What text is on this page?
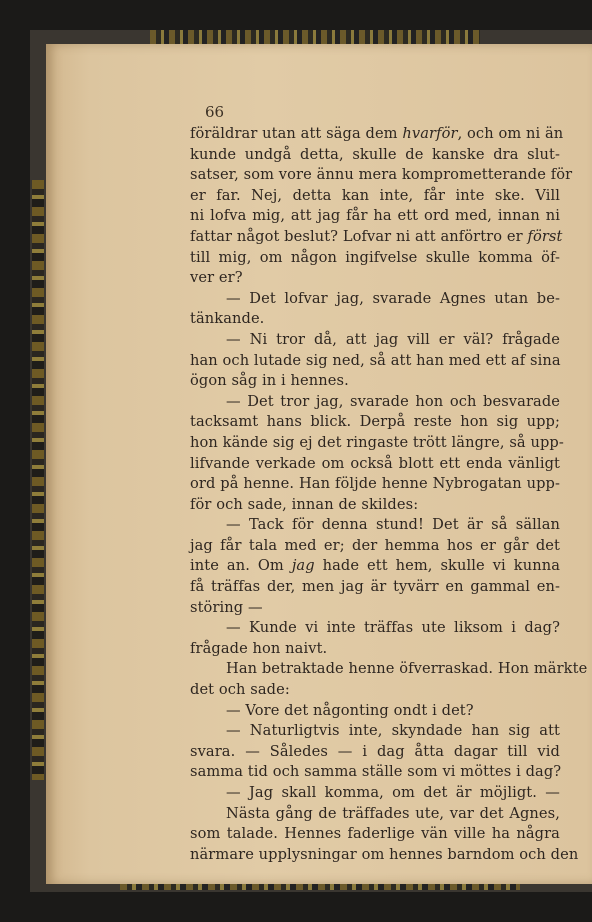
66
föräldrar utan att säga dem hvarför, och om ni än
kunde undgå detta, skulle de kanske dra slut-
satser, som vore ännu mera komprometterande för
er far. Nej, detta kan inte, får inte ske. Vill
ni lofva mig, att jag får ha ett ord med, innan ni
fattar något beslut? Lofvar ni att anförtro er först
till mig, om någon ingifvelse skulle komma öf-
ver er?
— Det lofvar jag, svarade Agnes utan be-
tänkande.
— Ni tror då, att jag vill er väl? frågade
han och lutade sig ned, så att han med ett af sina
ögon såg in i hennes.
— Det tror jag, svarade hon och besvarade
tacksamt hans blick. Derpå reste hon sig upp;
hon kände sig ej det ringaste trött längre, så upp-
lifvande verkade om också blott ett enda vänligt
ord på henne. Han följde henne Nybrogatan upp-
för och sade, innan de skildes:
— Tack för denna stund! Det är så sällan
jag får tala med er; der hemma hos er går det
inte an. Om jag hade ett hem, skulle vi kunna
få träffas der, men jag är tyvärr en gammal en-
störing —
— Kunde vi inte träffas ute liksom i dag?
frågade hon naivt.
Han betraktade henne öfverraskad. Hon märkte
det och sade:
— Vore det någonting ondt i det?
— Naturligtvis inte, skyndade han sig att
svara. — Således — i dag åtta dagar till vid
samma tid och samma ställe som vi möttes i dag?
— Jag skall komma, om det är möjligt. —
Nästa gång de träffades ute, var det Agnes,
som talade. Hennes faderlige vän ville ha några
närmare upplysningar om hennes barndom och den
